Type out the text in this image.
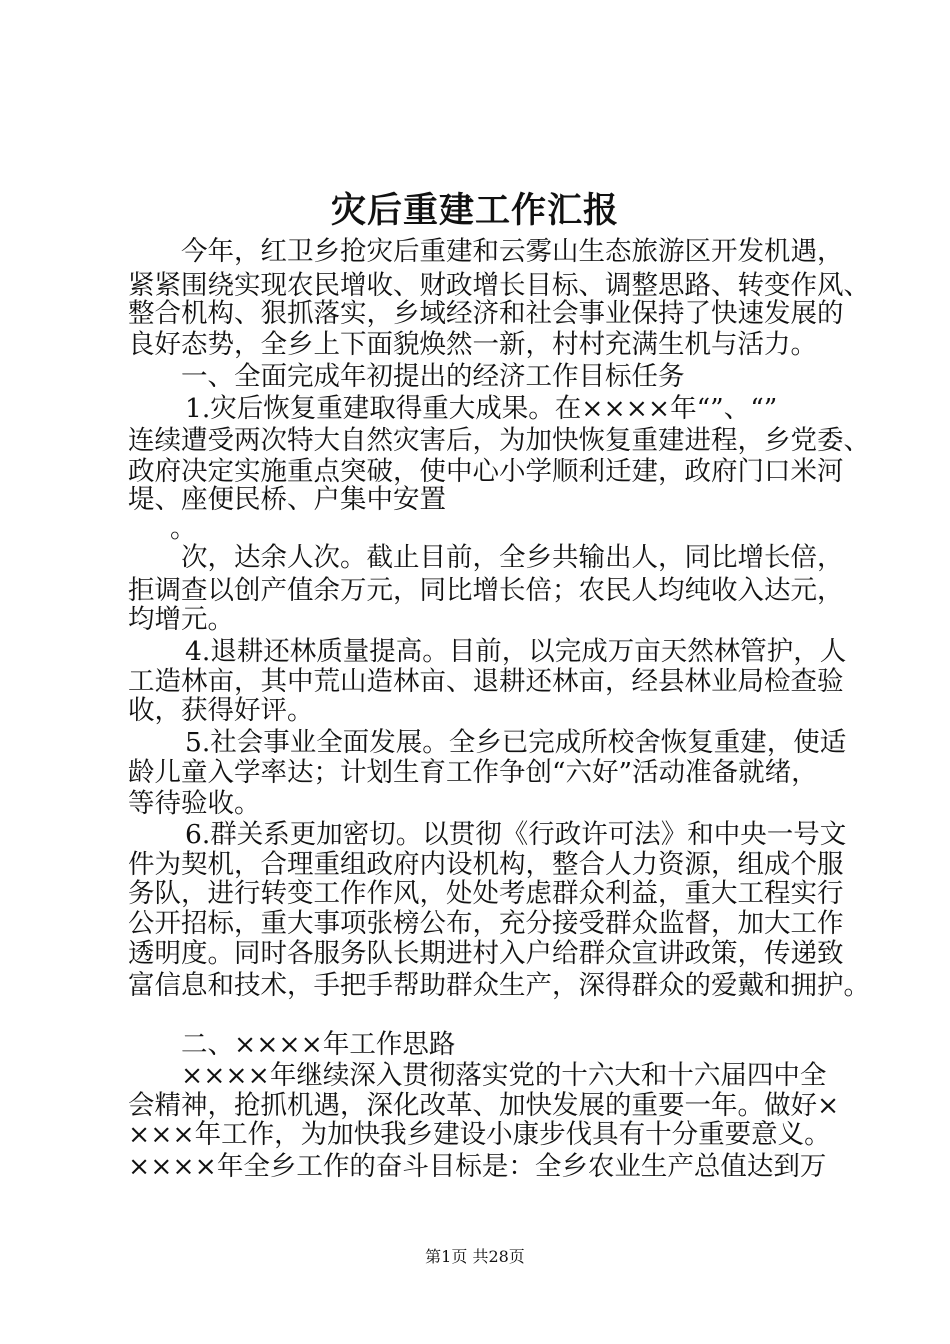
灾后重建工作汇报
今年，红卫乡抢灾后重建和云雾山生态旅游区开发机遇，
紧紧围绕实现农民增收、财政增长目标、调整思路、转变作风、
整合机构、狠抓落实，乡域经济和社会事业保持了快速发展的
良好态势，全乡上下面貌焕然一新，村村充满生机与活力。
一、全面完成年初提出的经济工作目标任务
1.灾后恢复重建取得重大成果。在××××年“”、“”
连续遭受两次特大自然灾害后，为加快恢复重建进程，乡党委、
政府决定实施重点突破，使中心小学顺利迁建，政府门口米河
堤、座便民桥、户集中安置
。
次，达余人次。截止目前，全乡共输出人，同比增长倍，
拒调查以创产值余万元，同比增长倍；农民人均纯收入达元，
均增元。
4.退耕还林质量提高。目前，以完成万亩天然林管护，人
工造林亩，其中荒山造林亩、退耕还林亩，经县林业局检查验
收，获得好评。
5.社会事业全面发展。全乡已完成所校舍恢复重建，使适
龄儿童入学率达；计划生育工作争创“六好”活动准备就绪，
等待验收。
6.群关系更加密切。以贯彻《行政许可法》和中央一号文
件为契机，合理重组政府内设机构，整合人力资源，组成个服
务队，进行转变工作作风，处处考虑群众利益，重大工程实行
公开招标，重大事项张榜公布，充分接受群众监督，加大工作
透明度。同时各服务队长期进村入户给群众宣讲政策，传递致
富信息和技术，手把手帮助群众生产，深得群众的爱戴和拥护。
二、××××年工作思路
××××年继续深入贯彻落实党的十六大和十六届四中全
会精神，抢抓机遇，深化改革、加快发展的重要一年。做好×
×××年工作，为加快我乡建设小康步伐具有十分重要意义。
××××年全乡工作的奋斗目标是：全乡农业生产总值达到万
第1页 共28页
